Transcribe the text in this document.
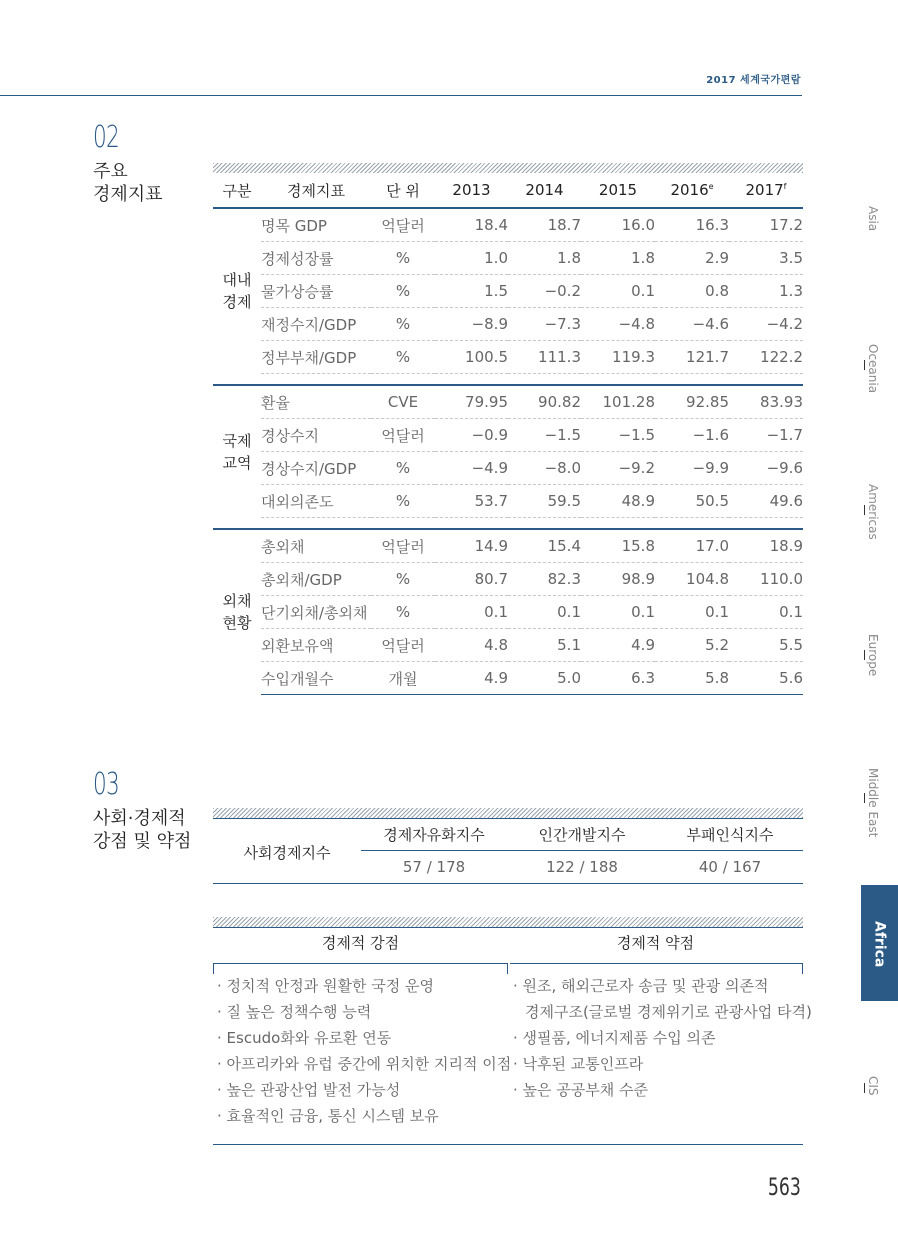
2017 세계국가편람
02
주요
경제지표	구분	경제지표	단 위	2013	2014	2015	2016e	2017$^f$

대내
경제	명목 GDP	억달러	18.4	18.7	16.0	16.3	17.2
	경제성장률	%	1.0	1.8	1.8	2.9	3.5
	물가상승률	%	1.5	−0.2	0.1	0.8	1.3
	재정수지/GDP	%	−8.9	−7.3	−4.8	−4.6	−4.2
	정부부채/GDP	%	100.5	111.3	119.3	121.7	122.2

국제
교역	환율	CVE	79.95	90.82	101.28	92.85	83.93
	경상수지	억달러	−0.9	−1.5	−1.5	−1.6	−1.7
	경상수지/GDP	%	−4.9	−8.0	−9.2	−9.9	−9.6
	대외의존도	%	53.7	59.5	48.9	50.5	49.6

외채
현황	총외채	억달러	14.9	15.4	15.8	17.0	18.9
	총외채/GDP	%	80.7	82.3	98.9	104.8	110.0
	단기외채/총외채	%	0.1	0.1	0.1	0.1	0.1
	외환보유액	억달러	4.8	5.1	4.9	5.2	5.5
	수입개월수	개월	4.9	5.0	6.3	5.8	5.6
03
사회·경제적
강점 및 약점
사회경제지수
경제자유화지수	인간개발지수	부패인식지수
57 / 178	122 / 188	40 / 167
경제적 강점	경제적 약점
· 정치적 안정과 원활한 국정 운영
· 질 높은 정책수행 능력
· Escudo화와 유로환 연동
· 아프리카와 유럽 중간에 위치한 지리적 이점
· 높은 관광산업 발전 가능성
· 효율적인 금융, 통신 시스템 보유
· 원조, 해외근로자 송금 및 관광 의존적
경제구조(글로벌 경제위기로 관광사업 타격)
· 생필품, 에너지제품 수입 의존
· 낙후된 교통인프라
· 높은 공공부채 수준
Asia
Oceania
Americas
Europe
Middle East
Africa
CIS
563
